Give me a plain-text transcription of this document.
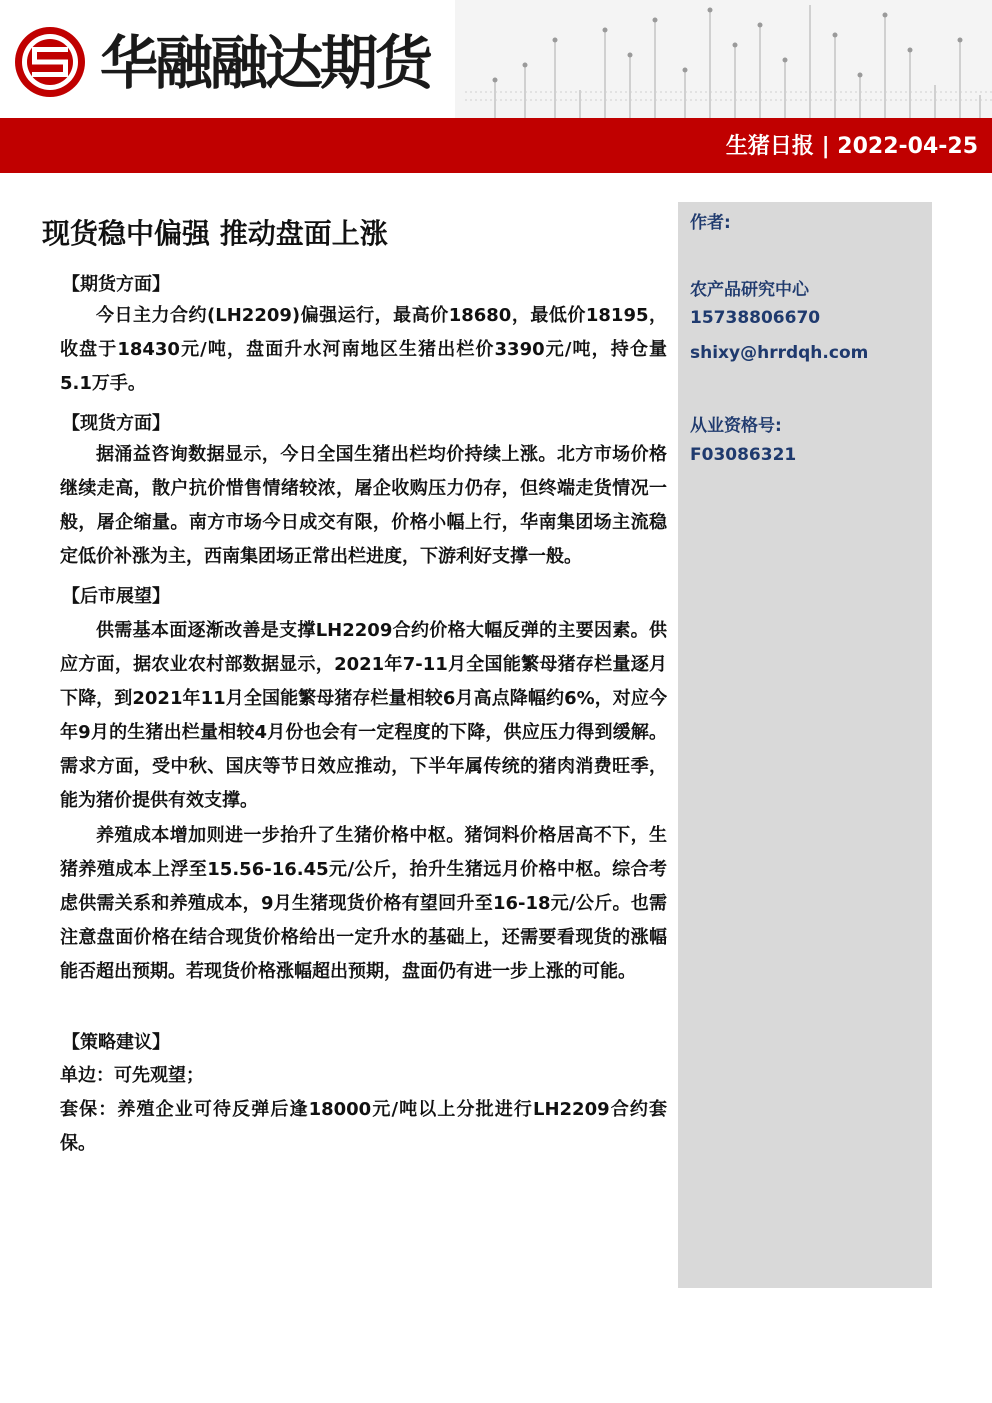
华融融达期货
生猪日报 | 2022-04-25
作者:
农产品研究中心
15738806670
shixy@hrrdqh.com
从业资格号:
F03086321
现货稳中偏强 推动盘面上涨
【期货方面】

今日主力合约(LH2209)偏强运行，最高价18680，最低价18195，收盘于18430元/吨，盘面升水河南地区生猪出栏价3390元/吨，持仓量5.1万手。

【现货方面】

据涌益咨询数据显示，今日全国生猪出栏均价持续上涨。北方市场价格继续走高，散户抗价惜售情绪较浓，屠企收购压力仍存，但终端走货情况一般，屠企缩量。南方市场今日成交有限，价格小幅上行，华南集团场主流稳定低价补涨为主，西南集团场正常出栏进度，下游利好支撑一般。

【后市展望】

供需基本面逐渐改善是支撑LH2209合约价格大幅反弹的主要因素。供应方面，据农业农村部数据显示，2021年7-11月全国能繁母猪存栏量逐月下降，到2021年11月全国能繁母猪存栏量相较6月高点降幅约6%，对应今年9月的生猪出栏量相较4月份也会有一定程度的下降，供应压力得到缓解。需求方面，受中秋、国庆等节日效应推动，下半年属传统的猪肉消费旺季，能为猪价提供有效支撑。

养殖成本增加则进一步抬升了生猪价格中枢。猪饲料价格居高不下，生猪养殖成本上浮至15.56-16.45元/公斤，抬升生猪远月价格中枢。综合考虑供需关系和养殖成本，9月生猪现货价格有望回升至16-18元/公斤。也需注意盘面价格在结合现货价格给出一定升水的基础上，还需要看现货的涨幅能否超出预期。若现货价格涨幅超出预期，盘面仍有进一步上涨的可能。

【策略建议】

单边：可先观望；

套保：养殖企业可待反弹后逢18000元/吨以上分批进行LH2209合约套保。
